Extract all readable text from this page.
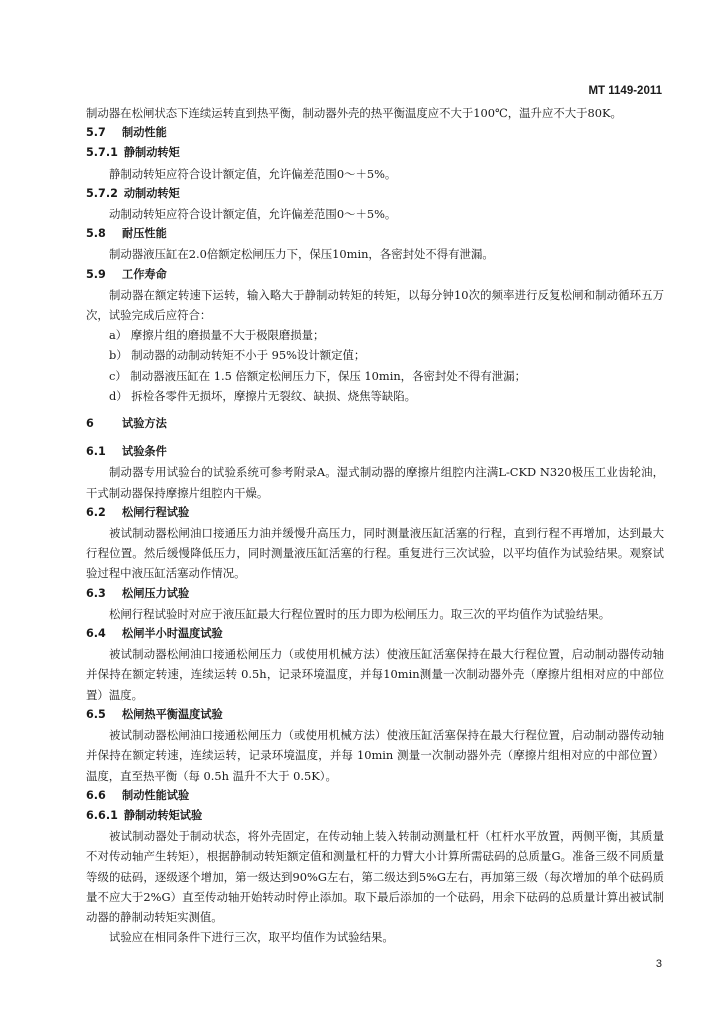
MT 1149-2011

制动器在松闸状态下连续运转直到热平衡，制动器外壳的热平衡温度应不大于100℃，温升应不大于80K。

5.7 制动性能
5.7.1 静制动转矩

静制动转矩应符合设计额定值，允许偏差范围0～＋5%。

5.7.2 动制动转矩

动制动转矩应符合设计额定值，允许偏差范围0～＋5%。

5.8 耐压性能

制动器液压缸在2.0倍额定松闸压力下，保压10min，各密封处不得有泄漏。

5.9 工作寿命

制动器在额定转速下运转，输入略大于静制动转矩的转矩，以每分钟10次的频率进行反复松闸和制动循环五万次，试验完成后应符合：

a） 摩擦片组的磨损量不大于极限磨损量；

b） 制动器的动制动转矩不小于 95%设计额定值；

c） 制动器液压缸在 1.5 倍额定松闸压力下，保压 10min，各密封处不得有泄漏；

d） 拆检各零件无损坏，摩擦片无裂纹、缺损、烧焦等缺陷。

6	试验方法
6.1 试验条件

制动器专用试验台的试验系统可参考附录A。湿式制动器的摩擦片组腔内注满L-CKD N320极压工业齿轮油，干式制动器保持摩擦片组腔内干燥。

6.2 松闸行程试验

被试制动器松闸油口接通压力油并缓慢升高压力，同时测量液压缸活塞的行程，直到行程不再增加，达到最大行程位置。然后缓慢降低压力，同时测量液压缸活塞的行程。重复进行三次试验，以平均值作为试验结果。观察试验过程中液压缸活塞动作情况。

6.3 松闸压力试验

松闸行程试验时对应于液压缸最大行程位置时的压力即为松闸压力。取三次的平均值作为试验结果。

6.4 松闸半小时温度试验

被试制动器松闸油口接通松闸压力（或使用机械方法）使液压缸活塞保持在最大行程位置，启动制动器传动轴并保持在额定转速，连续运转 0.5h，记录环境温度，并每10min测量一次制动器外壳（摩擦片组相对应的中部位置）温度。

6.5 松闸热平衡温度试验

被试制动器松闸油口接通松闸压力（或使用机械方法）使液压缸活塞保持在最大行程位置，启动制动器传动轴并保持在额定转速，连续运转，记录环境温度，并每 10min 测量一次制动器外壳（摩擦片组相对应的中部位置）温度，直至热平衡（每 0.5h 温升不大于 0.5K）。

6.6 制动性能试验
6.6.1 静制动转矩试验

被试制动器处于制动状态，将外壳固定，在传动轴上装入转制动测量杠杆（杠杆水平放置，两侧平衡，其质量不对传动轴产生转矩），根据静制动转矩额定值和测量杠杆的力臂大小计算所需砝码的总质量G。准备三级不同质量等级的砝码，逐级逐个增加，第一级达到90%G左右，第二级达到5%G左右，再加第三级（每次增加的单个砝码质量不应大于2%G）直至传动轴开始转动时停止添加。取下最后添加的一个砝码，用余下砝码的总质量计算出被试制动器的静制动转矩实测值。

试验应在相同条件下进行三次，取平均值作为试验结果。

3
